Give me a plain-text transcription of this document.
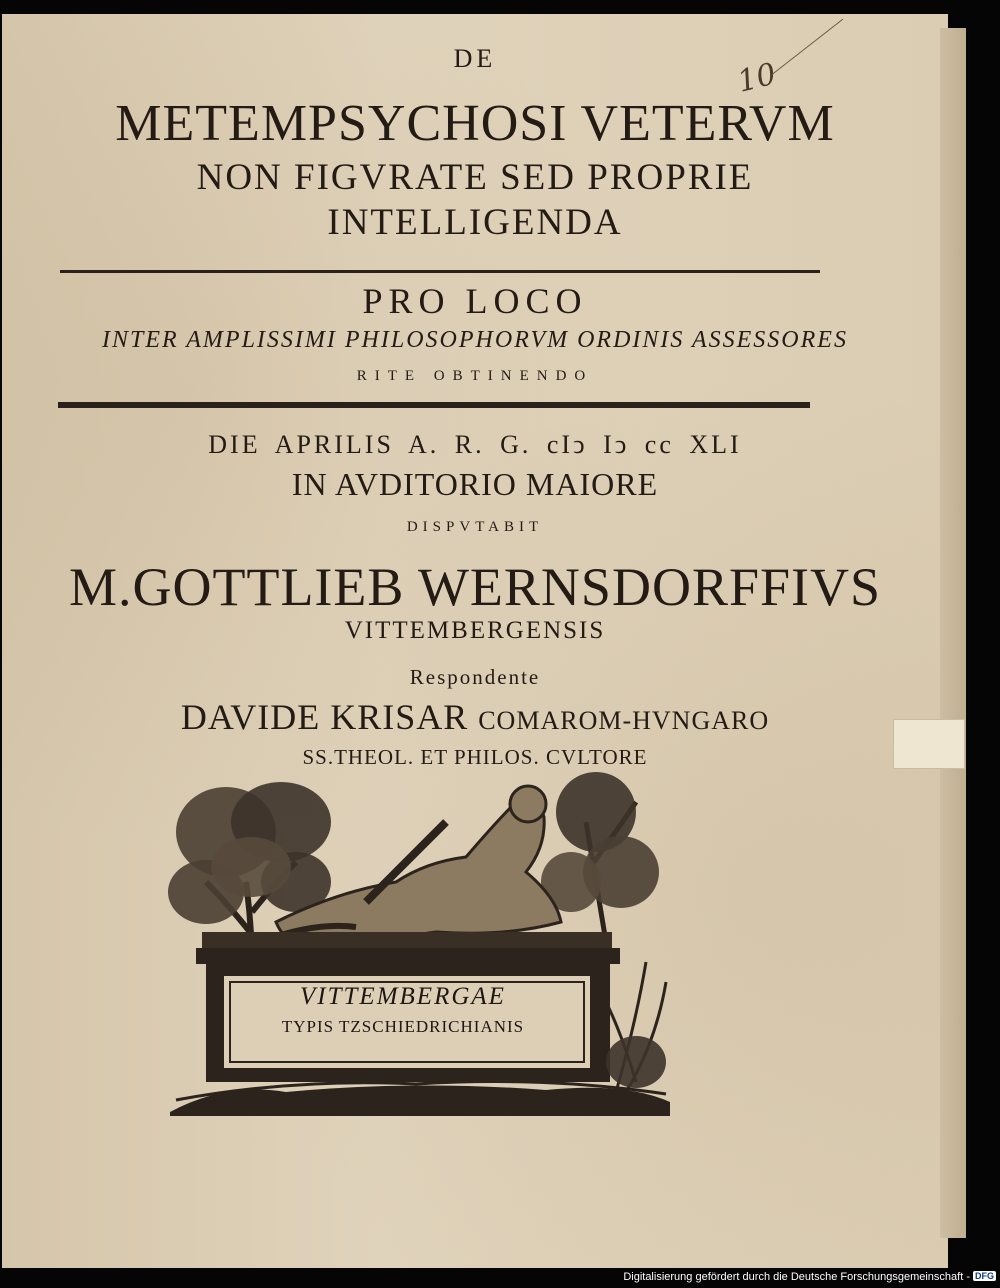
DE
METEMPSYCHOSI VETERVM
NON FIGVRATE SED PROPRIE
INTELLIGENDA
10
PRO LOCO
INTER AMPLISSIMI PHILOSOPHORVM ORDINIS ASSESSORES
RITE OBTINENDO
DIE APRILIS A. R. G. cIↄ Iↄ cc XLI
IN AVDITORIO MAIORE
DISPVTABIT
M.GOTTLIEB WERNSDORFFIVS
VITTEMBERGENSIS
Respondente
DAVIDE KRISAR COMAROM-HVNGARO
SS.THEOL. ET PHILOS. CVLTORE
VITTEMBERGAE
TYPIS TZSCHIEDRICHIANIS
Digitalisierung gefördert durch die Deutsche Forschungsgemeinschaft - DFG
